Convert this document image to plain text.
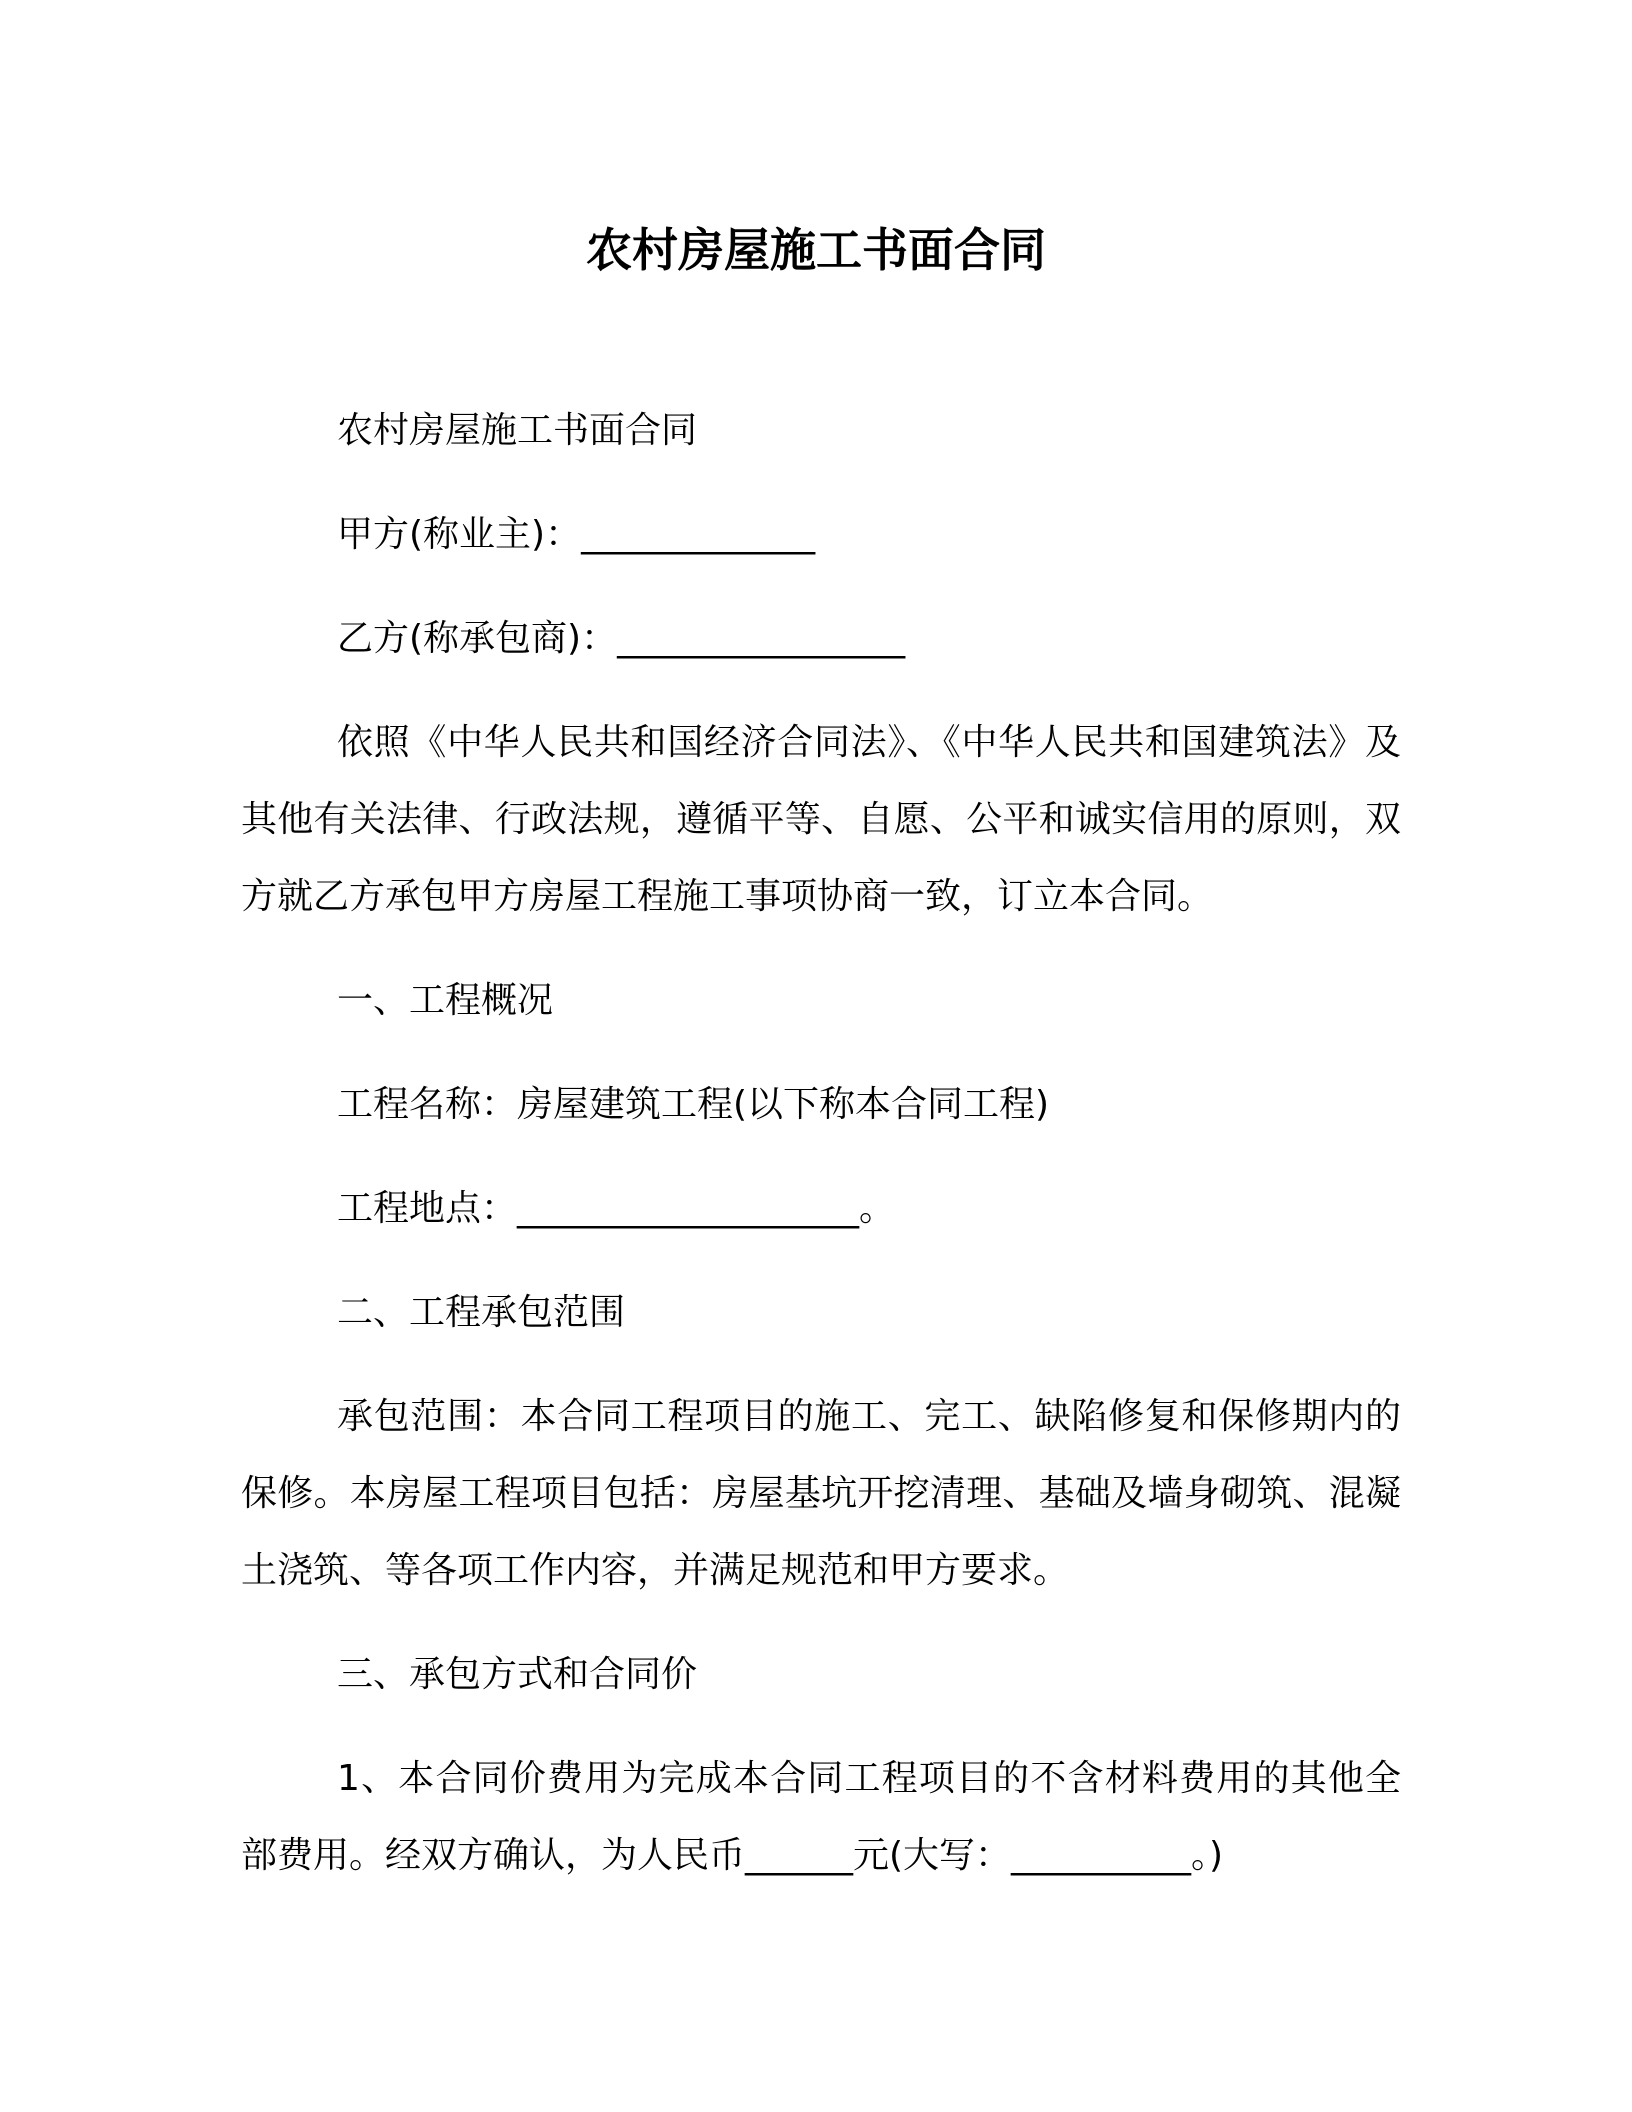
农村房屋施工书面合同

农村房屋施工书面合同

甲方(称业主)：_____________

乙方(称承包商)：________________

依照《中华人民共和国经济合同法》、《中华人民共和国建筑法》及其他有关法律、行政法规，遵循平等、自愿、公平和诚实信用的原则，双方就乙方承包甲方房屋工程施工事项协商一致，订立本合同。

一、工程概况

工程名称：房屋建筑工程(以下称本合同工程)

工程地点：___________________。

二、工程承包范围

承包范围：本合同工程项目的施工、完工、缺陷修复和保修期内的保修。本房屋工程项目包括：房屋基坑开挖清理、基础及墙身砌筑、混凝土浇筑、等各项工作内容，并满足规范和甲方要求。

三、承包方式和合同价

1、本合同价费用为完成本合同工程项目的不含材料费用的其他全部费用。经双方确认，为人民币______元(大写：__________。)
